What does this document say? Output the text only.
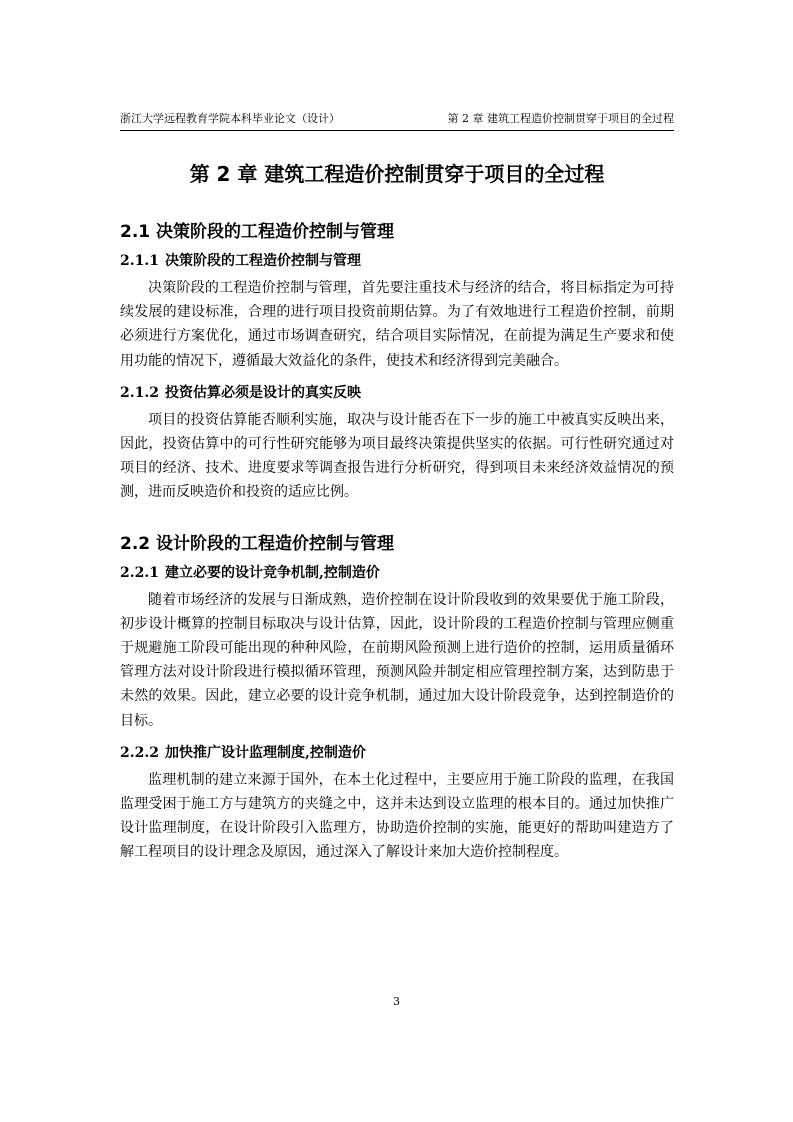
浙江大学远程教育学院本科毕业论文（设计）	第 2 章 建筑工程造价控制贯穿于项目的全过程
第 2 章 建筑工程造价控制贯穿于项目的全过程
2.1 决策阶段的工程造价控制与管理
2.1.1 决策阶段的工程造价控制与管理

决策阶段的工程造价控制与管理，首先要注重技术与经济的结合，将目标指定为可持续发展的建设标准，合理的进行项目投资前期估算。为了有效地进行工程造价控制，前期必须进行方案优化，通过市场调查研究，结合项目实际情况，在前提为满足生产要求和使用功能的情况下，遵循最大效益化的条件，使技术和经济得到完美融合。

2.1.2 投资估算必须是设计的真实反映

项目的投资估算能否顺利实施，取决与设计能否在下一步的施工中被真实反映出来，因此，投资估算中的可行性研究能够为项目最终决策提供坚实的依据。可行性研究通过对项目的经济、技术、进度要求等调查报告进行分析研究，得到项目未来经济效益情况的预测，进而反映造价和投资的适应比例。

2.2 设计阶段的工程造价控制与管理
2.2.1 建立必要的设计竞争机制,控制造价

随着市场经济的发展与日渐成熟，造价控制在设计阶段收到的效果要优于施工阶段，初步设计概算的控制目标取决与设计估算，因此，设计阶段的工程造价控制与管理应侧重于规避施工阶段可能出现的种种风险，在前期风险预测上进行造价的控制，运用质量循环管理方法对设计阶段进行模拟循环管理，预测风险并制定相应管理控制方案，达到防患于未然的效果。因此，建立必要的设计竞争机制，通过加大设计阶段竞争，达到控制造价的目标。

2.2.2 加快推广设计监理制度,控制造价

监理机制的建立来源于国外，在本土化过程中，主要应用于施工阶段的监理，在我国监理受困于施工方与建筑方的夹缝之中，这并未达到设立监理的根本目的。通过加快推广设计监理制度，在设计阶段引入监理方，协助造价控制的实施，能更好的帮助叫建造方了解工程项目的设计理念及原因，通过深入了解设计来加大造价控制程度。

3
